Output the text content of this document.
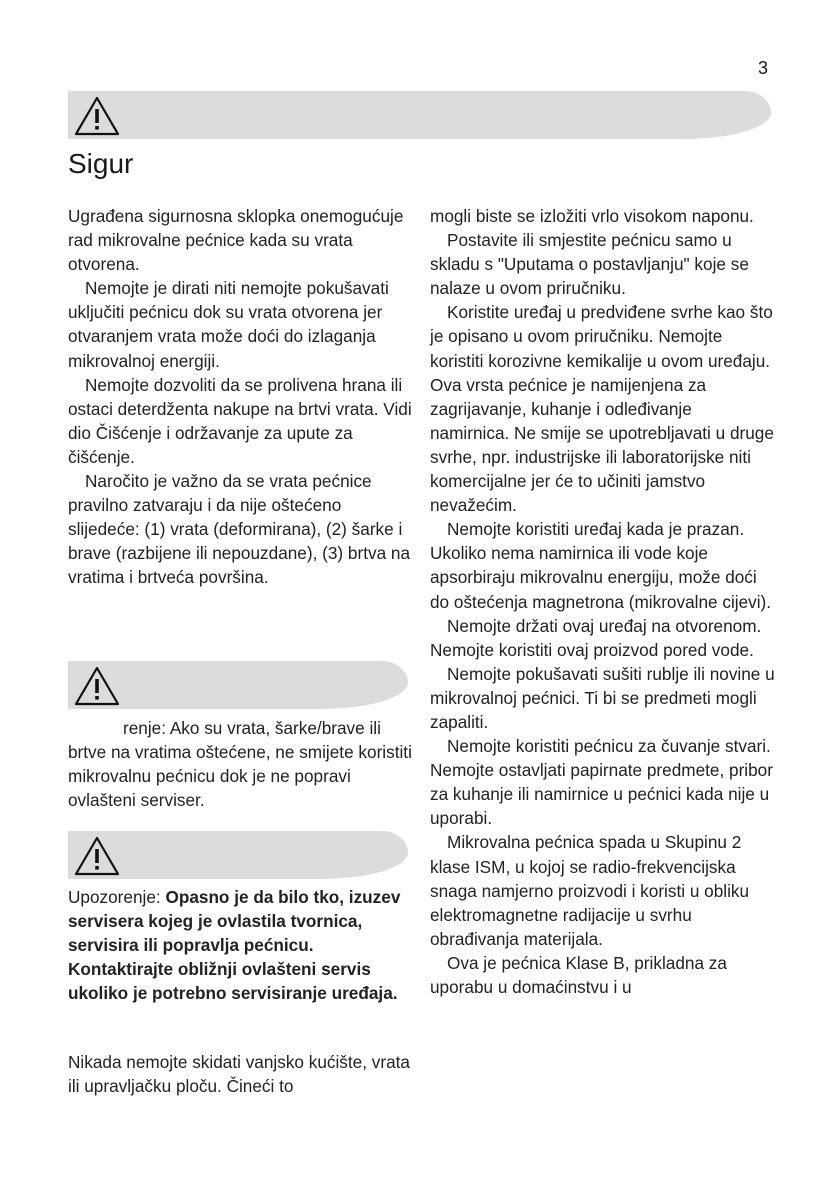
3
Sigur

Ugrađena sigurnosna sklopka onemogućuje rad mikrovalne pećnice kada su vrata otvorena.

Nemojte je dirati niti nemojte pokušavati uključiti pećnicu dok su vrata otvorena jer otvaranjem vrata može doći do izlaganja mikrovalnoj energiji.

Nemojte dozvoliti da se prolivena hrana ili ostaci deterdženta nakupe na brtvi vrata. Vidi dio Čišćenje i održavanje za upute za čišćenje.

Naročito je važno da se vrata pećnice pravilno zatvaraju i da nije oštećeno slijedeće: (1) vrata (deformirana), (2) šarke i brave (razbijene ili nepouzdane), (3) brtva na vratima i brtveća površina.

renje: Ako su vrata, šarke/brave ili brtve na vratima oštećene, ne smijete koristiti mikrovalnu pećnicu dok je ne popravi ovlašteni serviser.

Upozorenje: Opasno je da bilo tko, izuzev servisera kojeg je ovlastila tvornica, servisira ili popravlja pećnicu. Kontaktirajte obližnji ovlašteni servis ukoliko je potrebno servisiranje uređaja.

Nikada nemojte skidati vanjsko kućište, vrata ili upravljačku ploču. Čineći to

mogli biste se izložiti vrlo visokom naponu.

Postavite ili smjestite pećnicu samo u skladu s "Uputama o postavljanju" koje se nalaze u ovom priručniku.

Koristite uređaj u predviđene svrhe kao što je opisano u ovom priručniku. Nemojte koristiti korozivne kemikalije u ovom uređaju. Ova vrsta pećnice je namijenjena za zagrijavanje, kuhanje i odleđivanje namirnica. Ne smije se upotrebljavati u druge svrhe, npr. industrijske ili laboratorijske niti komercijalne jer će to učiniti jamstvo nevažećim.

Nemojte koristiti uređaj kada je prazan. Ukoliko nema namirnica ili vode koje apsorbiraju mikrovalnu energiju, može doći do oštećenja magnetrona (mikrovalne cijevi).

Nemojte držati ovaj uređaj na otvorenom. Nemojte koristiti ovaj proizvod pored vode.

Nemojte pokušavati sušiti rublje ili novine u mikrovalnoj pećnici. Ti bi se predmeti mogli zapaliti.

Nemojte koristiti pećnicu za čuvanje stvari. Nemojte ostavljati papirnate predmete, pribor za kuhanje ili namirnice u pećnici kada nije u uporabi.

Mikrovalna pećnica spada u Skupinu 2 klase ISM, u kojoj se radio-frekvencijska snaga namjerno proizvodi i koristi u obliku elektromagnetne radijacije u svrhu obrađivanja materijala.

Ova je pećnica Klase B, prikladna za uporabu u domaćinstvu i u
